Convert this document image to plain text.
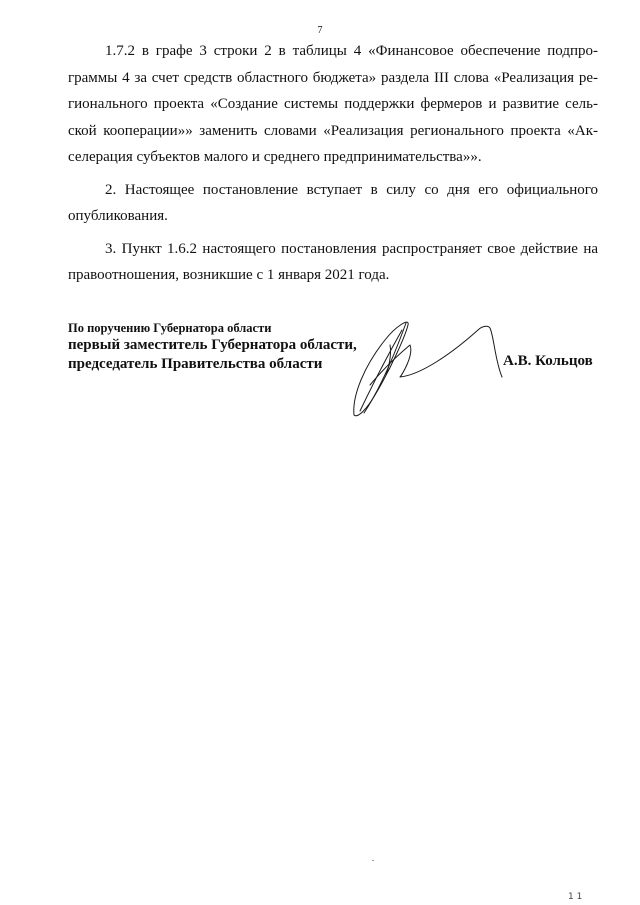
7
1.7.2 в графе 3 строки 2 в таблицы 4 «Финансовое обеспечение подпро-
граммы 4 за счет средств областного бюджета» раздела III слова «Реализация ре-
гионального проекта «Создание системы поддержки фермеров и развитие сель-
ской кооперации»» заменить словами «Реализация регионального проекта «Ак-
селерация субъектов малого и среднего предпринимательства»».
2. Настоящее постановление вступает в силу со дня его официального
опубликования.
3. Пункт 1.6.2 настоящего постановления распространяет свое действие на
правоотношения, возникшие с 1 января 2021 года.
По поручению Губернатора области
первый заместитель Губернатора области,
председатель Правительства области	А.В. Кольцов
1 1
